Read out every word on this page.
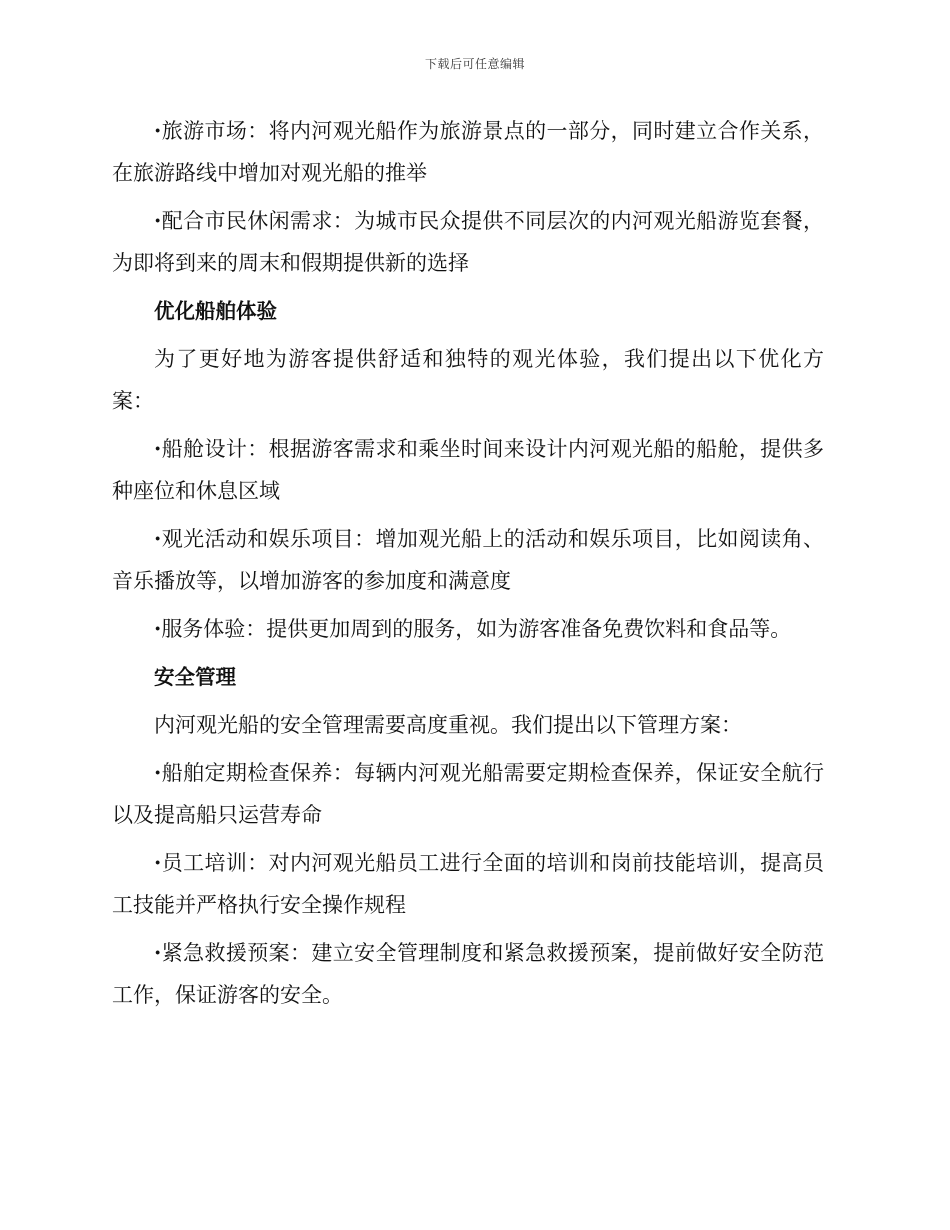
下载后可任意编辑

·旅游市场：将内河观光船作为旅游景点的一部分，同时建立合作关系，在旅游路线中增加对观光船的推举

·配合市民休闲需求：为城市民众提供不同层次的内河观光船游览套餐，为即将到来的周末和假期提供新的选择

优化船舶体验

为了更好地为游客提供舒适和独特的观光体验，我们提出以下优化方案：

·船舱设计：根据游客需求和乘坐时间来设计内河观光船的船舱，提供多种座位和休息区域

·观光活动和娱乐项目：增加观光船上的活动和娱乐项目，比如阅读角、音乐播放等，以增加游客的参加度和满意度

·服务体验：提供更加周到的服务，如为游客准备免费饮料和食品等。

安全管理

内河观光船的安全管理需要高度重视。我们提出以下管理方案：

·船舶定期检查保养：每辆内河观光船需要定期检查保养，保证安全航行以及提高船只运营寿命

·员工培训：对内河观光船员工进行全面的培训和岗前技能培训，提高员工技能并严格执行安全操作规程

·紧急救援预案：建立安全管理制度和紧急救援预案，提前做好安全防范工作，保证游客的安全。
